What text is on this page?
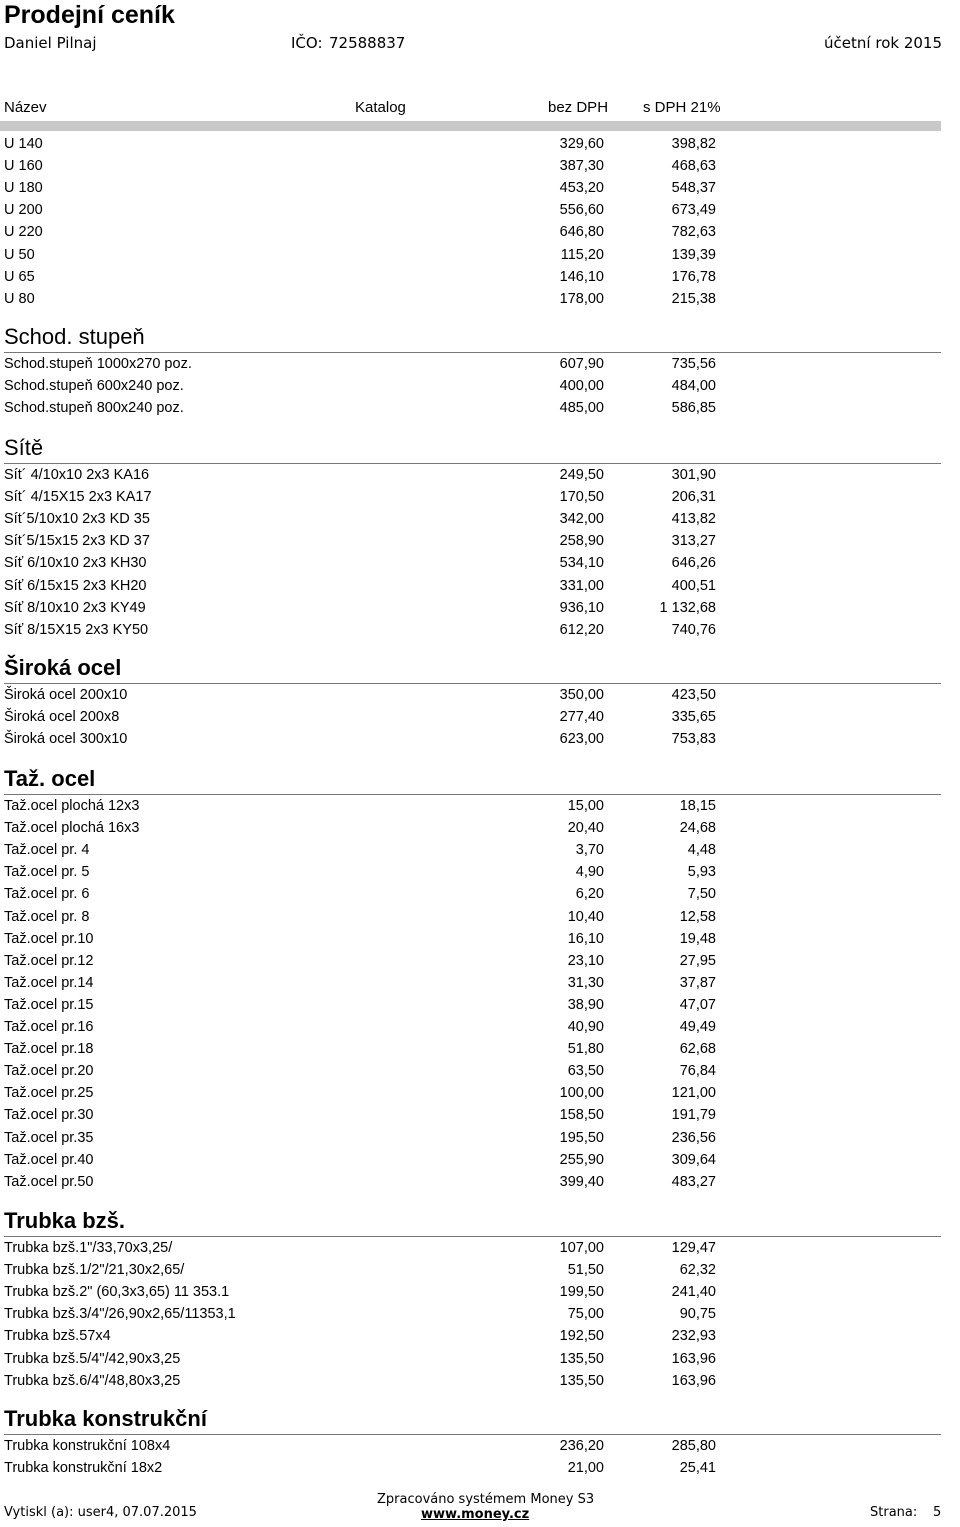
Prodejní ceník
Daniel Pilnaj	IČO: 72588837	účetní rok 2015
Název	Katalog	bez DPH s DPH 21%
U 140	329,60	398,82
U 160	387,30	468,63
U 180	453,20	548,37
U 200	556,60	673,49
U 220	646,80	782,63
U 50	115,20	139,39
U 65	146,10	176,78
U 80	178,00	215,38
Schod. stupeň
Schod.stupeň 1000x270 poz.	607,90	735,56
Schod.stupeň 600x240 poz.	400,00	484,00
Schod.stupeň 800x240 poz.	485,00	586,85
Sítě
Sít´ 4/10x10 2x3 KA16	249,50	301,90
Sít´ 4/15X15 2x3 KA17	170,50	206,31
Sít´5/10x10 2x3 KD 35	342,00	413,82
Sít´5/15x15 2x3 KD 37	258,90	313,27
Síť 6/10x10 2x3 KH30	534,10	646,26
Síť 6/15x15 2x3 KH20	331,00	400,51
Síť 8/10x10 2x3 KY49	936,10	1 132,68
Síť 8/15X15 2x3 KY50	612,20	740,76
Široká ocel
Široká ocel 200x10	350,00	423,50
Široká ocel 200x8	277,40	335,65
Široká ocel 300x10	623,00	753,83
Taž. ocel
Taž.ocel plochá 12x3	15,00	18,15
Taž.ocel plochá 16x3	20,40	24,68
Taž.ocel pr. 4	3,70	4,48
Taž.ocel pr. 5	4,90	5,93
Taž.ocel pr. 6	6,20	7,50
Taž.ocel pr. 8	10,40	12,58
Taž.ocel pr.10	16,10	19,48
Taž.ocel pr.12	23,10	27,95
Taž.ocel pr.14	31,30	37,87
Taž.ocel pr.15	38,90	47,07
Taž.ocel pr.16	40,90	49,49
Taž.ocel pr.18	51,80	62,68
Taž.ocel pr.20	63,50	76,84
Taž.ocel pr.25	100,00	121,00
Taž.ocel pr.30	158,50	191,79
Taž.ocel pr.35	195,50	236,56
Taž.ocel pr.40	255,90	309,64
Taž.ocel pr.50	399,40	483,27
Trubka bzš.
Trubka bzš.1"/33,70x3,25/	107,00	129,47
Trubka bzš.1/2"/21,30x2,65/	51,50	62,32
Trubka bzš.2" (60,3x3,65) 11 353.1	199,50	241,40
Trubka bzš.3/4"/26,90x2,65/11353,1	75,00	90,75
Trubka bzš.57x4	192,50	232,93
Trubka bzš.5/4"/42,90x3,25	135,50	163,96
Trubka bzš.6/4"/48,80x3,25	135,50	163,96
Trubka konstrukční
Trubka konstrukční 108x4	236,20	285,80
Trubka konstrukční 18x2	21,00	25,41
Vytiskl (a): user4, 07.07.2015
Zpracováno systémem Money S3
www.money.cz	Strana: 5
